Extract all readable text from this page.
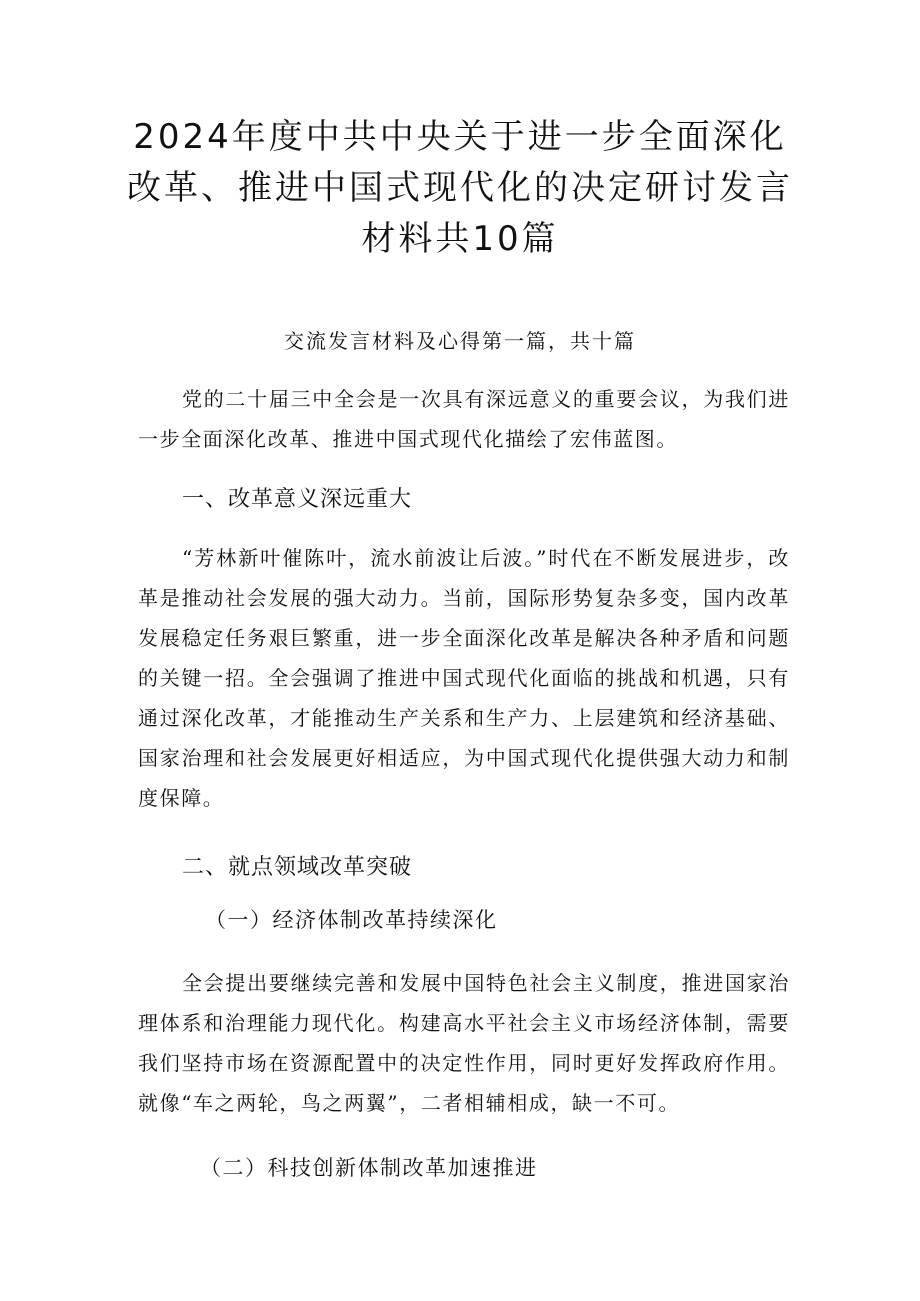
2024年度中共中央关于进一步全面深化改革、推进中国式现代化的决定研讨发言材料共10篇
交流发言材料及心得第一篇，共十篇

党的二十届三中全会是一次具有深远意义的重要会议，为我们进一步全面深化改革、推进中国式现代化描绘了宏伟蓝图。

一、改革意义深远重大

“芳林新叶催陈叶，流水前波让后波。”时代在不断发展进步，改革是推动社会发展的强大动力。当前，国际形势复杂多变，国内改革发展稳定任务艰巨繁重，进一步全面深化改革是解决各种矛盾和问题的关键一招。全会强调了推进中国式现代化面临的挑战和机遇，只有通过深化改革，才能推动生产关系和生产力、上层建筑和经济基础、国家治理和社会发展更好相适应，为中国式现代化提供强大动力和制度保障。

二、就点领域改革突破
（一）经济体制改革持续深化

全会提出要继续完善和发展中国特色社会主义制度，推进国家治理体系和治理能力现代化。构建高水平社会主义市场经济体制，需要我们坚持市场在资源配置中的决定性作用，同时更好发挥政府作用。就像“车之两轮，鸟之两翼”，二者相辅相成，缺一不可。

（二）科技创新体制改革加速推进
